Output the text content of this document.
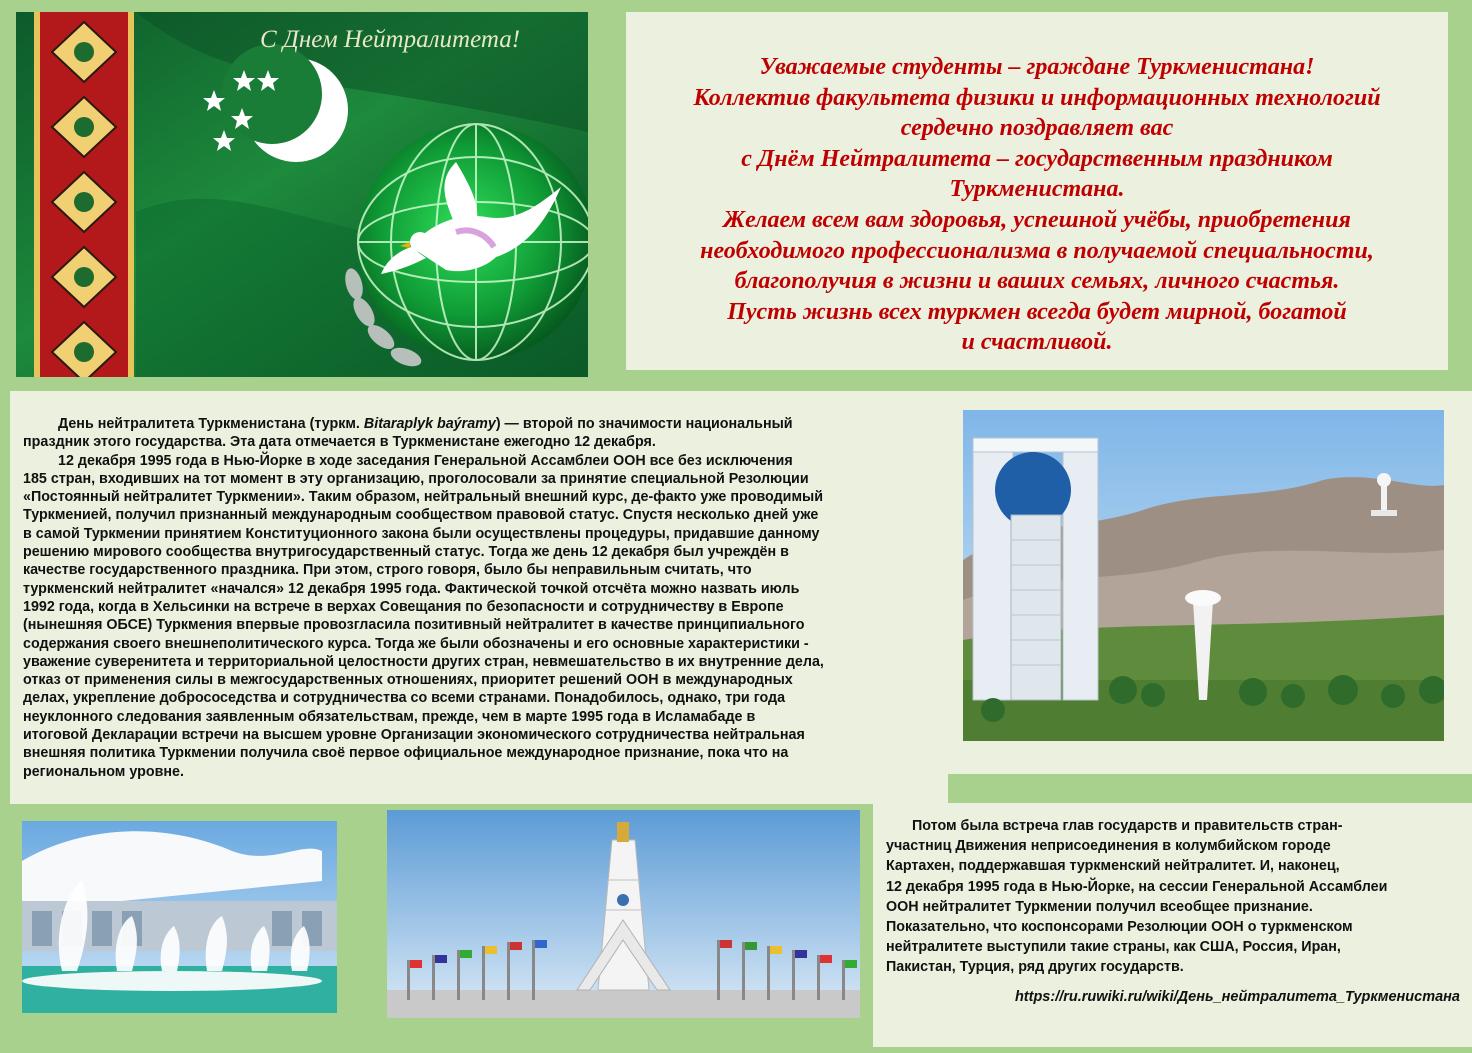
С Днем Нейтралитета!
Уважаемые студенты – граждане Туркменистана!
Коллектив факультета физики и информационных технологий
сердечно поздравляет вас
с Днём Нейтралитета – государственным праздником
Туркменистана.
Желаем всем вам здоровья, успешной учёбы, приобретения
необходимого профессионализма в получаемой специальности,
благополучия в жизни и ваших семьях, личного счастья.
Пусть жизнь всех туркмен всегда будет мирной, богатой
и счастливой.
День нейтралитета Туркменистана (туркм. Bitaraplyk baýramy) — второй по значимости национальный
праздник этого государства. Эта дата отмечается в Туркменистане ежегодно 12 декабря.
12 декабря 1995 года в Нью-Йорке в ходе заседания Генеральной Ассамблеи ООН все без исключения
185 стран, входивших на тот момент в эту организацию, проголосовали за принятие специальной Резолюции
«Постоянный нейтралитет Туркмении». Таким образом, нейтральный внешний курс, де-факто уже проводимый
Туркменией, получил признанный международным сообществом правовой статус. Спустя несколько дней уже
в самой Туркмении принятием Конституционного закона были осуществлены процедуры, придавшие данному
решению мирового сообщества внутригосударственный статус. Тогда же день 12 декабря был учреждён в
качестве государственного праздника. При этом, строго говоря, было бы неправильным считать, что
туркменский нейтралитет «начался» 12 декабря 1995 года. Фактической точкой отсчёта можно назвать июль
1992 года, когда в Хельсинки на встрече в верхах Совещания по безопасности и сотрудничеству в Европе
(нынешняя ОБСЕ) Туркмения впервые провозгласила позитивный нейтралитет в качестве принципиального
содержания своего внешнеполитического курса. Тогда же были обозначены и его основные характеристики -
уважение суверенитета и территориальной целостности других стран, невмешательство в их внутренние дела,
отказ от применения силы в межгосударственных отношениях, приоритет решений ООН в международных
делах, укрепление добрососедства и сотрудничества со всеми странами. Понадобилось, однако, три года
неуклонного следования заявленным обязательствам, прежде, чем в марте 1995 года в Исламабаде в
итоговой Декларации встречи на высшем уровне Организации экономического сотрудничества нейтральная
внешняя политика Туркмении получила своё первое официальное международное признание, пока что на
региональном уровне.
Потом была встреча глав государств и правительств стран-
участниц Движения неприсоединения в колумбийском городе
Картахен, поддержавшая туркменский нейтралитет. И, наконец,
12 декабря 1995 года в Нью-Йорке, на сессии Генеральной Ассамблеи
ООН нейтралитет Туркмении получил всеобщее признание.
Показательно, что коспонсорами Резолюции ООН о туркменском
нейтралитете выступили такие страны, как США, Россия, Иран,
Пакистан, Турция, ряд других государств.
https://ru.ruwiki.ru/wiki/День_нейтралитета_Туркменистана
